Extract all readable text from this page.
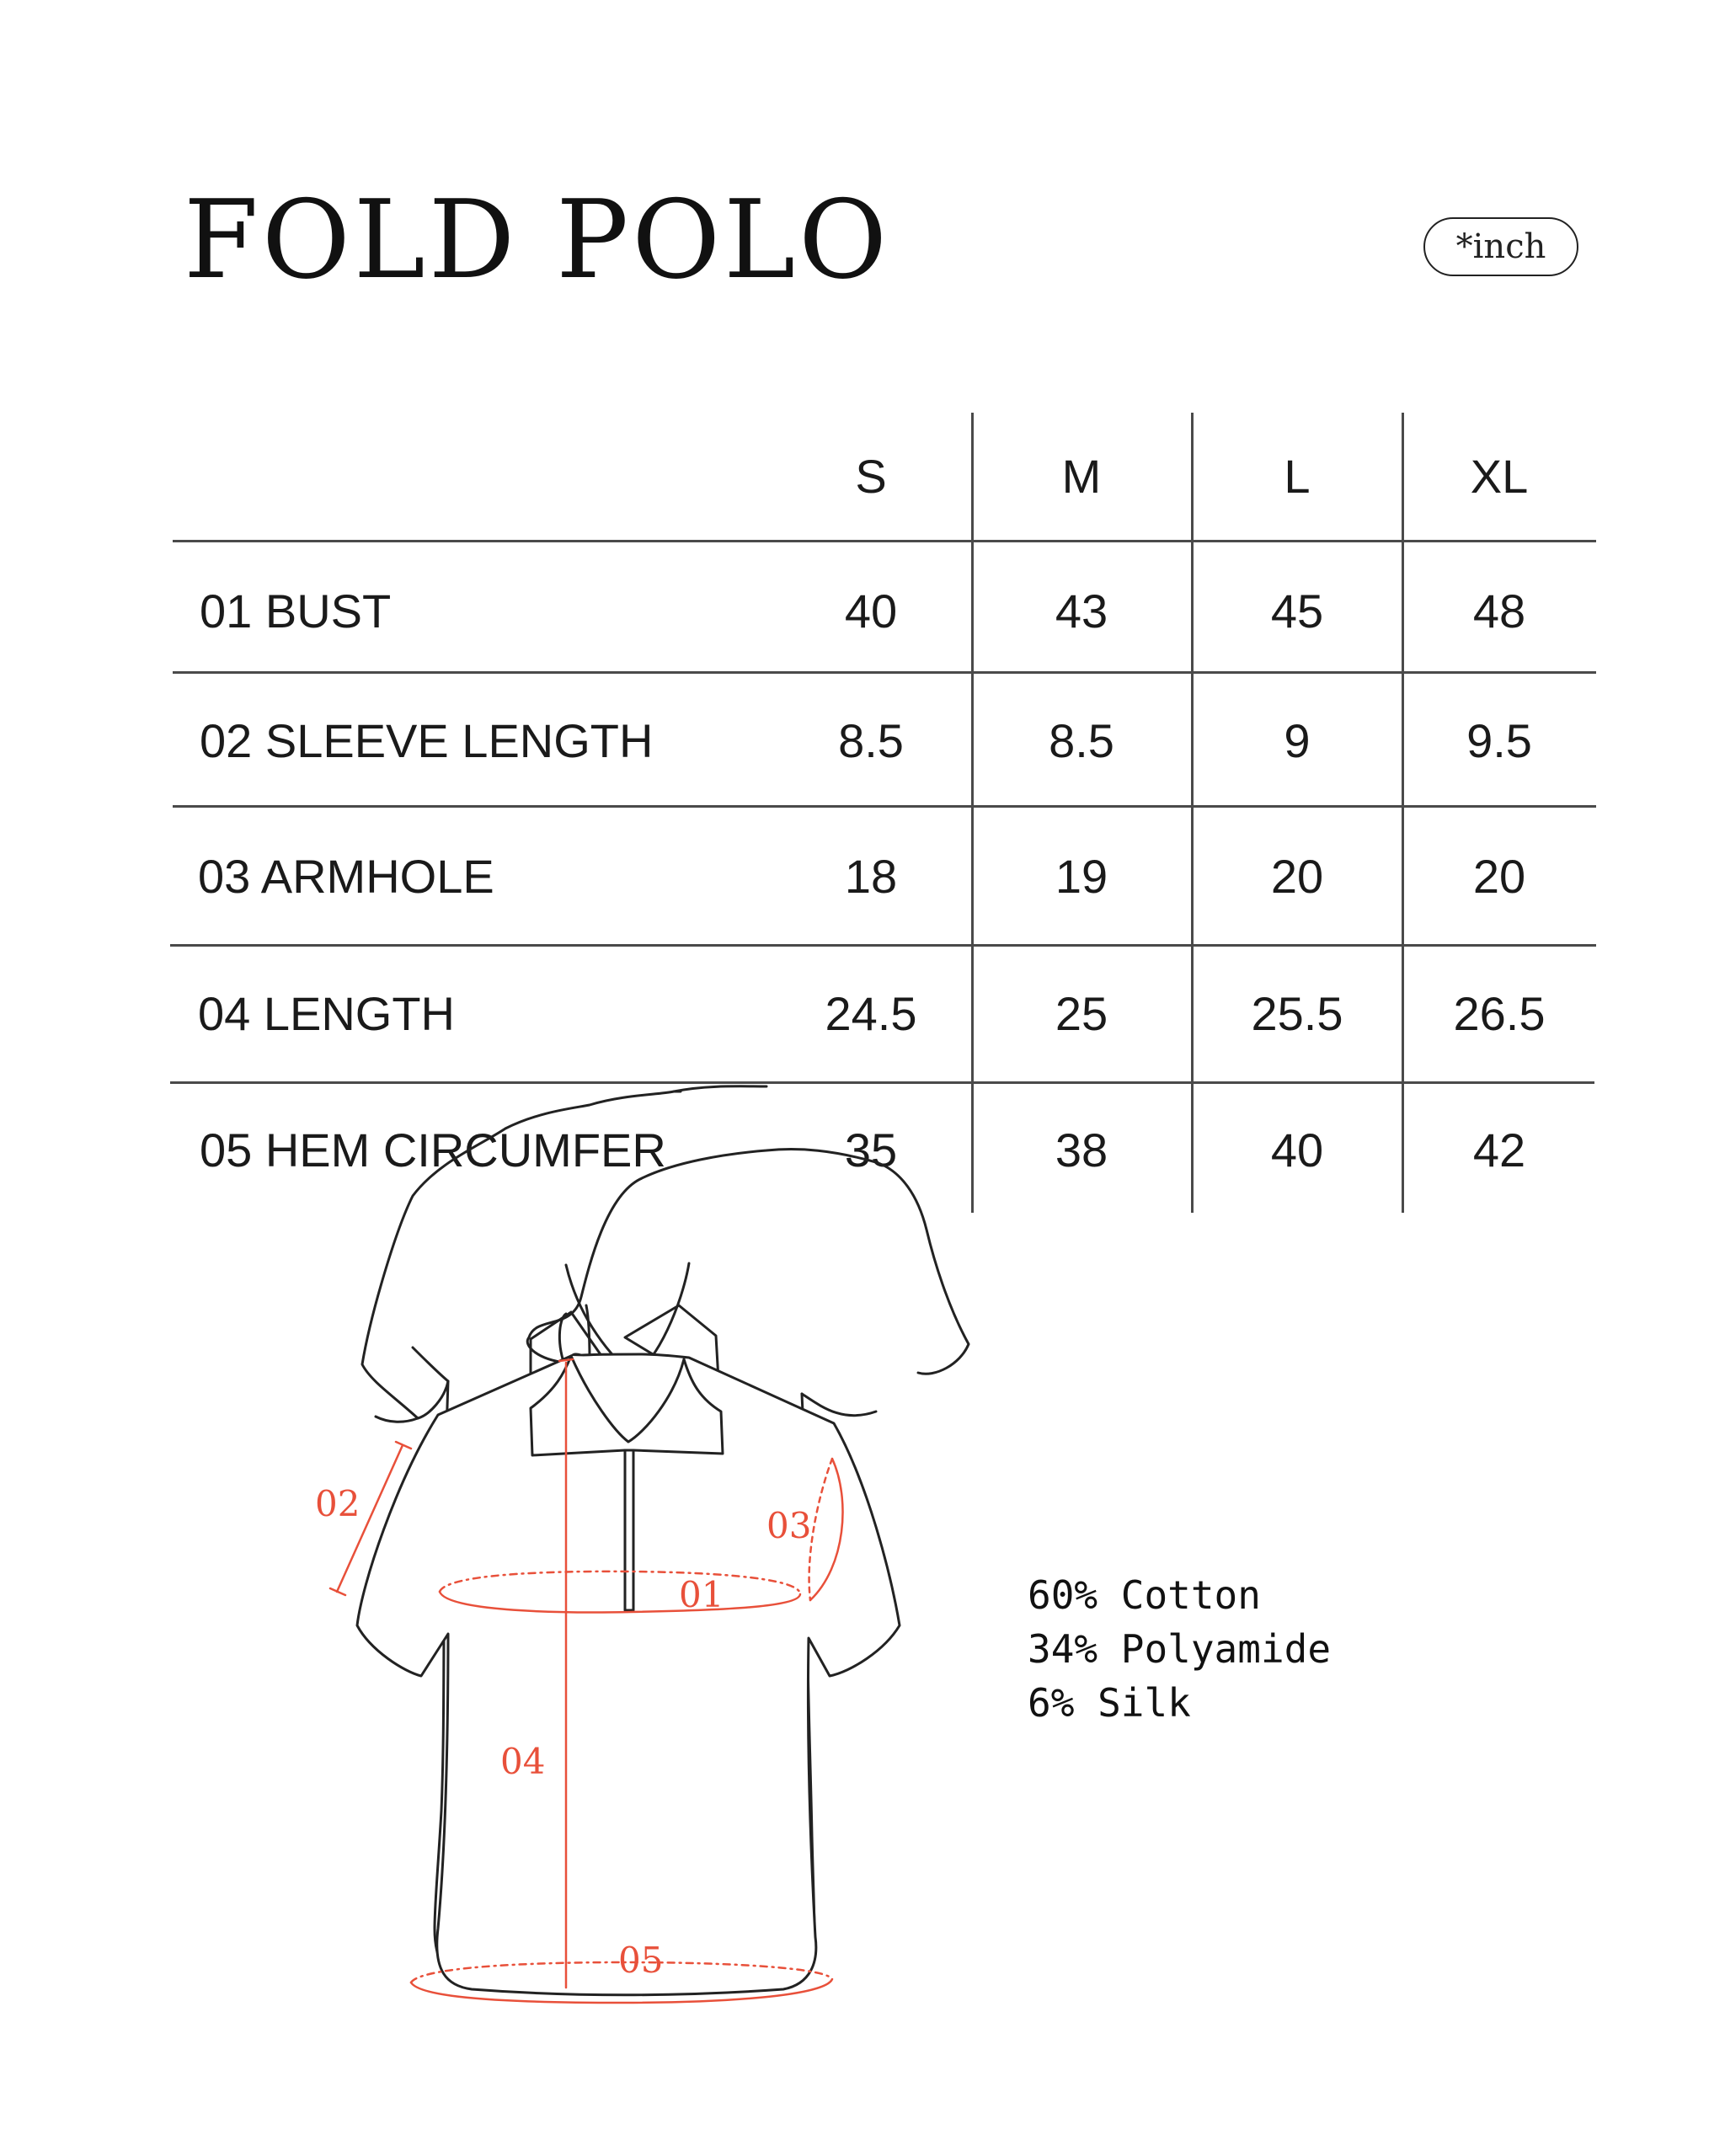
FOLD POLO	*inch
S	M	L	XL
01 BUST	40	43	45	48
02 SLEEVE LENGTH	8.5	8.5	9	9.5
03 ARMHOLE	18	19	20	20
04 LENGTH	24.5	25	25.5 26.5
05 HEM CIRCUMFER	35	38	40	42
01
02
03
04
05
60% Cotton
34% Polyamide
6% Silk
